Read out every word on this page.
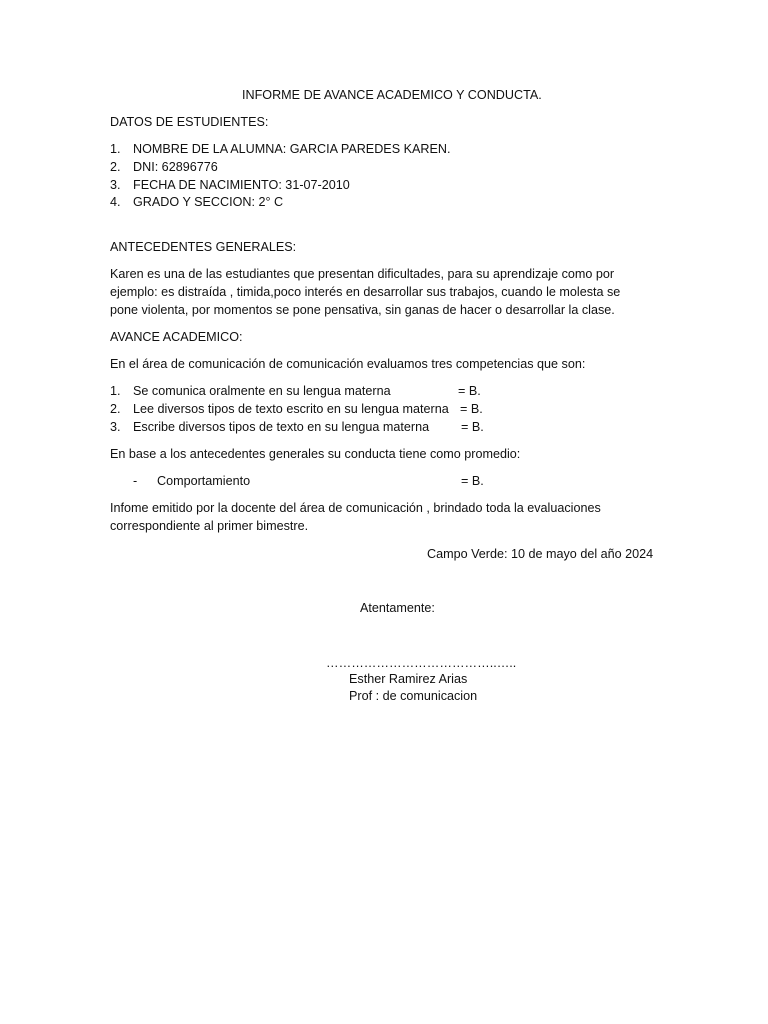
INFORME DE AVANCE ACADEMICO Y CONDUCTA.
DATOS DE ESTUDIENTES:
1. NOMBRE DE LA ALUMNA: GARCIA PAREDES KAREN.
2. DNI: 62896776
3. FECHA DE NACIMIENTO: 31-07-2010
4. GRADO Y SECCION: 2° C
ANTECEDENTES GENERALES:
Karen es una de las estudiantes que presentan dificultades, para su aprendizaje como por
ejemplo: es distraída , timida,poco interés en desarrollar sus trabajos, cuando le molesta se
pone violenta, por momentos se pone pensativa, sin ganas de hacer o desarrollar la clase.
AVANCE ACADEMICO:
En el área de comunicación de comunicación evaluamos tres competencias que son:
1. Se comunica oralmente en su lengua materna	= B.
2. Lee diversos tipos de texto escrito en su lengua materna = B.
3. Escribe diversos tipos de texto en su lengua materna	= B.
En base a los antecedentes generales su conducta tiene como promedio:
- Comportamiento	= B.
Infome emitido por la docente del área de comunicación , brindado toda la evaluaciones
correspondiente al primer bimestre.
Campo Verde: 10 de mayo del año 2024
Atentamente:
…………………………………..…..
Esther Ramirez Arias
Prof : de comunicacion
